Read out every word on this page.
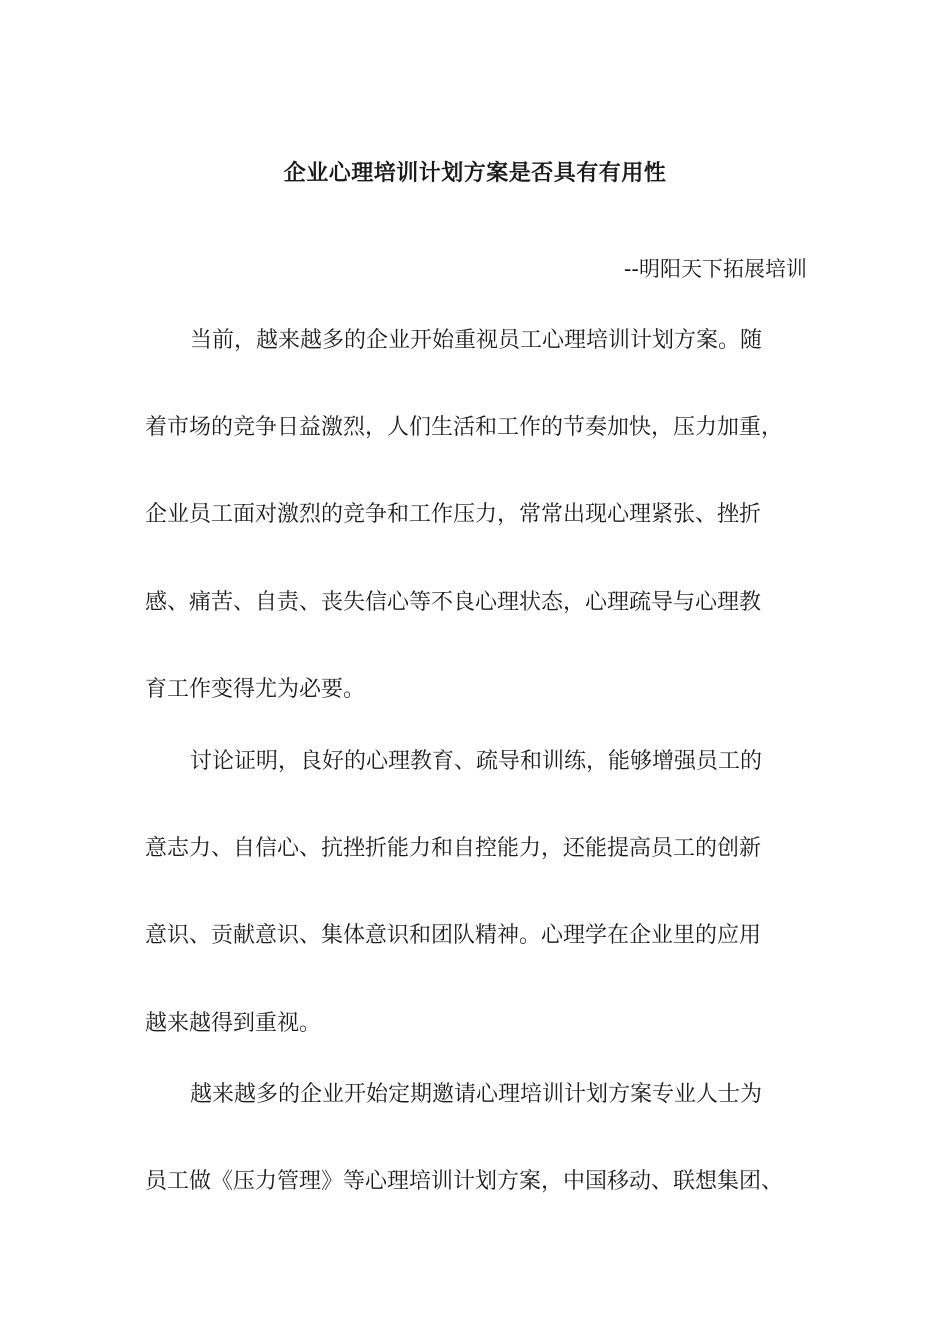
企业心理培训计划方案是否具有有用性
--明阳天下拓展培训
当前，越来越多的企业开始重视员工心理培训计划方案。随
着市场的竞争日益激烈，人们生活和工作的节奏加快，压力加重，
企业员工面对激烈的竞争和工作压力，常常出现心理紧张、挫折
感、痛苦、自责、丧失信心等不良心理状态，心理疏导与心理教
育工作变得尤为必要。
讨论证明，良好的心理教育、疏导和训练，能够增强员工的
意志力、自信心、抗挫折能力和自控能力，还能提高员工的创新
意识、贡献意识、集体意识和团队精神。心理学在企业里的应用
越来越得到重视。
越来越多的企业开始定期邀请心理培训计划方案专业人士为
员工做《压力管理》等心理培训计划方案，中国移动、联想集团、
